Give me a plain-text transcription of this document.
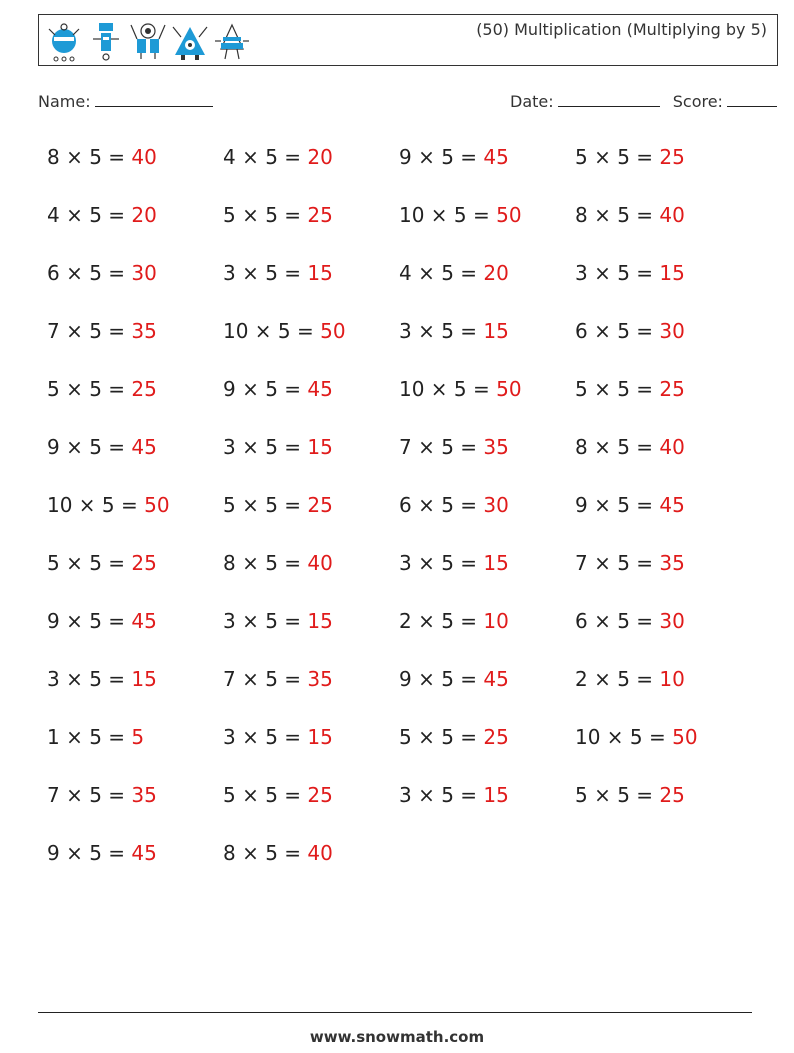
(50) Multiplication (Multiplying by 5)
Name:	Date:	Score:
8 × 5 = 40	4 × 5 = 20	9 × 5 = 45	5 × 5 = 25
4 × 5 = 20	5 × 5 = 25	10 × 5 = 50	8 × 5 = 40
6 × 5 = 30	3 × 5 = 15	4 × 5 = 20	3 × 5 = 15
7 × 5 = 35	10 × 5 = 50	3 × 5 = 15	6 × 5 = 30
5 × 5 = 25	9 × 5 = 45	10 × 5 = 50	5 × 5 = 25
9 × 5 = 45	3 × 5 = 15	7 × 5 = 35	8 × 5 = 40
10 × 5 = 50	5 × 5 = 25	6 × 5 = 30	9 × 5 = 45
5 × 5 = 25	8 × 5 = 40	3 × 5 = 15	7 × 5 = 35
9 × 5 = 45	3 × 5 = 15	2 × 5 = 10	6 × 5 = 30
3 × 5 = 15	7 × 5 = 35	9 × 5 = 45	2 × 5 = 10
1 × 5 = 5	3 × 5 = 15	5 × 5 = 25	10 × 5 = 50
7 × 5 = 35	5 × 5 = 25	3 × 5 = 15	5 × 5 = 25
9 × 5 = 45	8 × 5 = 40
www.snowmath.com
